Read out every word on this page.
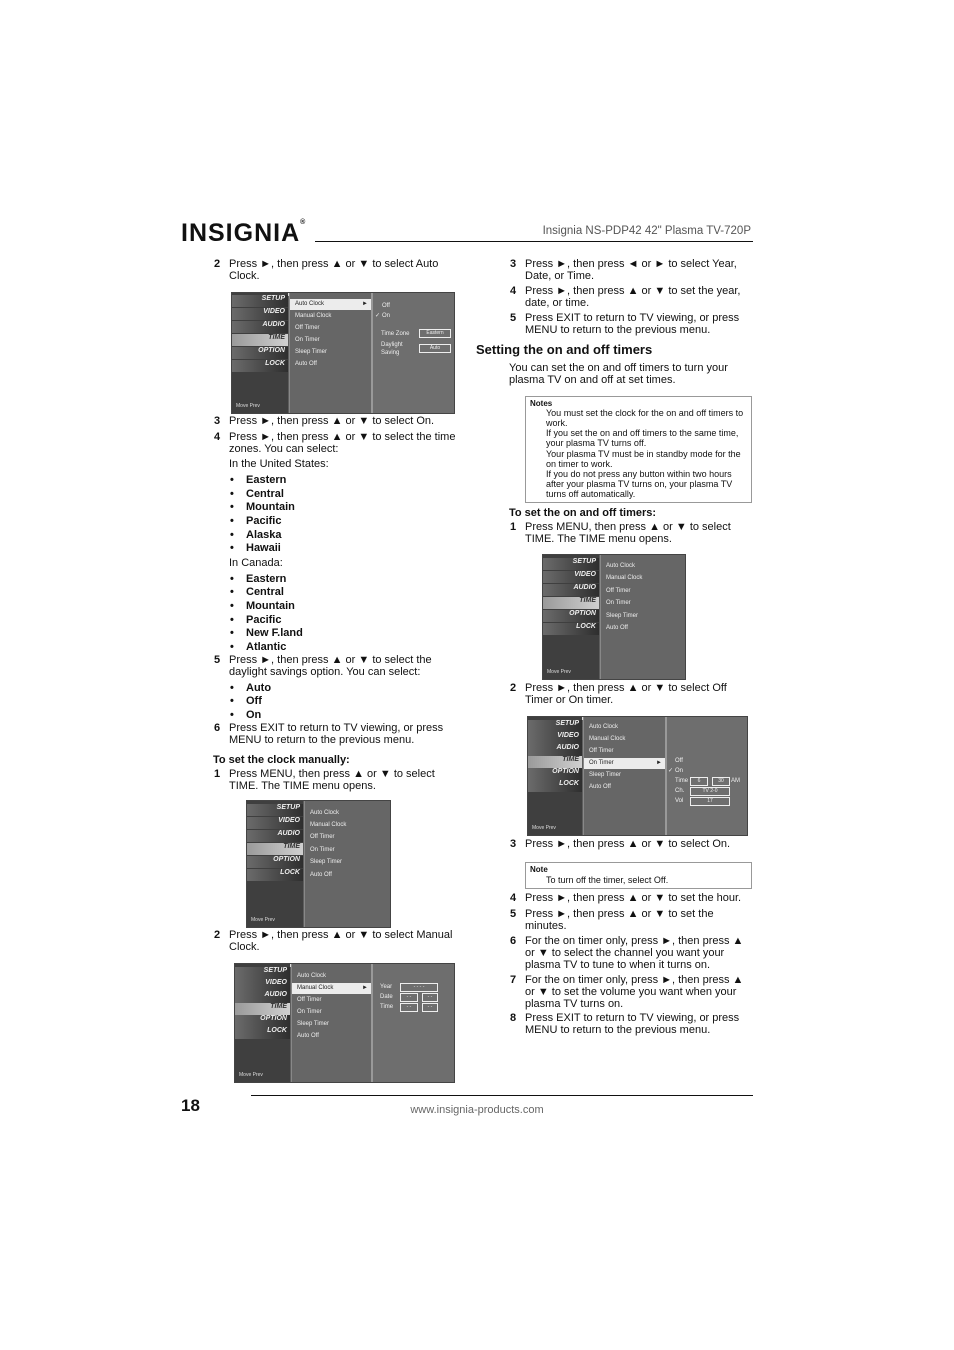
INSIGNIA®
Insignia NS-PDP42 42" Plasma TV-720P
2 Press ►, then press ▲ or ▼ to select Auto Clock.
SETUP
VIDEO
AUDIO
TIME
OPTION
LOCK
Move Prev
Auto Clock	►
Manual Clock
Off Timer
On Timer
Sleep Timer
Auto Off
Off
✓ On
Time Zone	Eastern
Daylight Saving
Auto
3 Press ►, then press ▲ or ▼ to select On.
4 Press ►, then press ▲ or ▼ to select the time zones. You can select:
In the United States:
• Eastern
• Central
• Mountain
• Pacific
• Alaska
• Hawaii
In Canada:
• Eastern
• Central
• Mountain
• Pacific
• New F.land
• Atlantic
5 Press ►, then press ▲ or ▼ to select the daylight savings option. You can select:
• Auto
• Off
• On
6 Press EXIT to return to TV viewing, or press MENU to return to the previous menu.
To set the clock manually:
1 Press MENU, then press ▲ or ▼ to select TIME. The TIME menu opens.
SETUP
VIDEO
AUDIO
TIME
OPTION
LOCK
Move Prev
Auto Clock
Manual Clock
Off Timer
On Timer
Sleep Timer
Auto Off
2 Press ►, then press ▲ or ▼ to select Manual Clock.
SETUP
VIDEO
AUDIO
TIME
OPTION
LOCK
Move Prev
Auto Clock
Manual Clock	►
Off Timer
On Timer
Sleep Timer
Auto Off
Year	- - - -
Date	- -	- -
Time	- -	- -
3 Press ►, then press ◄ or ► to select Year, Date, or Time.
4 Press ►, then press ▲ or ▼ to set the year, date, or time.
5 Press EXIT to return to TV viewing, or press MENU to return to the previous menu.
Setting the on and off timers
You can set the on and off timers to turn your plasma TV on and off at set times.
Notes
You must set the clock for the on and off timers to work.
If you set the on and off timers to the same time, your plasma TV turns off.
Your plasma TV must be in standby mode for the on timer to work.
If you do not press any button within two hours after your plasma TV turns on, your plasma TV turns off automatically.
To set the on and off timers:
1 Press MENU, then press ▲ or ▼ to select TIME. The TIME menu opens.
SETUP
VIDEO
AUDIO
TIME
OPTION
LOCK
Move Prev
Auto Clock
Manual Clock
Off Timer
On Timer
Sleep Timer
Auto Off
2 Press ►, then press ▲ or ▼ to select Off Timer or On timer.
SETUP
VIDEO
AUDIO
TIME
OPTION
LOCK
Move Prev
Auto Clock
Manual Clock
Off Timer
On Timer	►
Sleep Timer
Auto Off
Off
✓ On
Time	6	30	AM
Ch.	TV 2-0
Vol	17
3 Press ►, then press ▲ or ▼ to select On.
Note
To turn off the timer, select Off.
4 Press ►, then press ▲ or ▼ to set the hour.
5 Press ►, then press ▲ or ▼ to set the minutes.
6 For the on timer only, press ►, then press ▲ or ▼ to select the channel you want your plasma TV to tune to when it turns on.
7 For the on timer only, press ►, then press ▲ or ▼ to set the volume you want when your plasma TV turns on.
8 Press EXIT to return to TV viewing, or press MENU to return to the previous menu.
18	www.insignia-products.com
